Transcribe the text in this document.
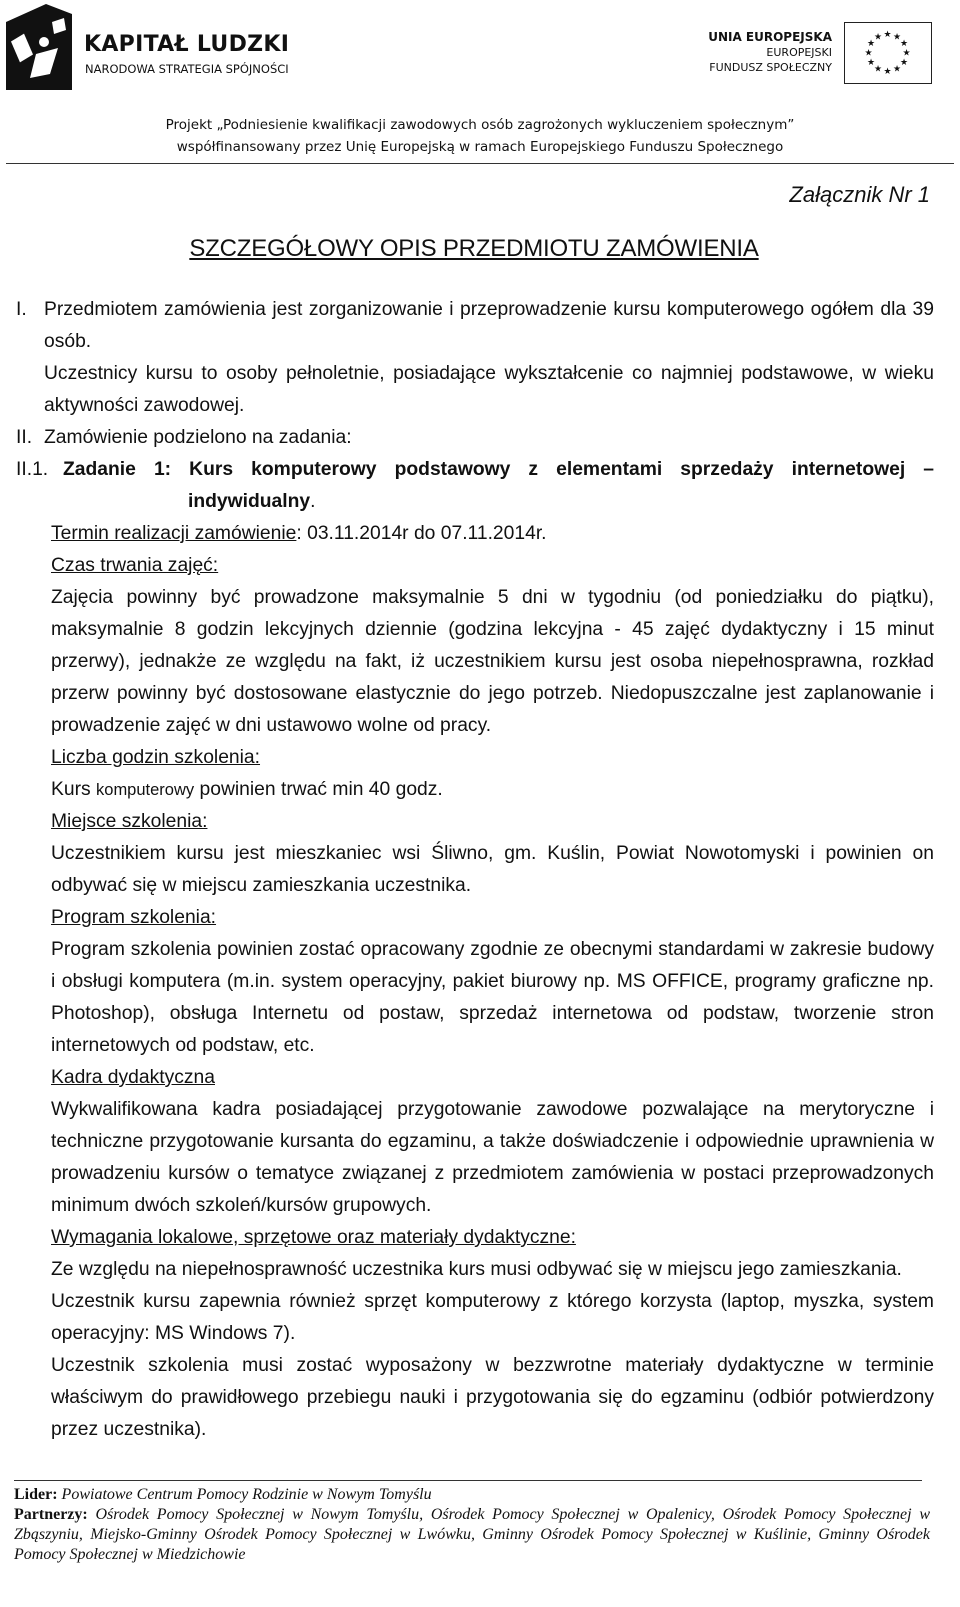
KAPITAŁ LUDZKI
NARODOWA STRATEGIA SPÓJNOŚCI
UNIA EUROPEJSKA
EUROPEJSKI
FUNDUSZ SPOŁECZNY
★ ★
★
★
★
★
★
★
★
★
★
★
Projekt „Podniesienie kwalifikacji zawodowych osób zagrożonych wykluczeniem społecznym”
współfinansowany przez Unię Europejską w ramach Europejskiego Funduszu Społecznego
Załącznik Nr 1
SZCZEGÓŁOWY OPIS PRZEDMIOTU ZAMÓWIENIA
I. Przedmiotem zamówienia jest zorganizowanie i przeprowadzenie kursu komputerowego ogółem dla 39 osób.

Uczestnicy kursu to osoby pełnoletnie, posiadające wykształcenie co najmniej podstawowe, w wieku aktywności zawodowej.

II. Zamówienie podzielono na zadania:
II.1. Zadanie 1: Kurs komputerowy podstawowy z elementami sprzedaży internetowej –

indywidualny.

Termin realizacji zamówienie: 03.11.2014r do 07.11.2014r.

Czas trwania zajęć:

Zajęcia powinny być prowadzone maksymalnie 5 dni w tygodniu (od poniedziałku do piątku), maksymalnie 8 godzin lekcyjnych dziennie (godzina lekcyjna - 45 zajęć dydaktyczny i 15 minut przerwy), jednakże ze względu na fakt, iż uczestnikiem kursu jest osoba niepełnosprawna, rozkład przerw powinny być dostosowane elastycznie do jego potrzeb. Niedopuszczalne jest zaplanowanie i prowadzenie zajęć w dni ustawowo wolne od pracy.

Liczba godzin szkolenia:

Kurs komputerowy powinien trwać min 40 godz.

Miejsce szkolenia:

Uczestnikiem kursu jest mieszkaniec wsi Śliwno, gm. Kuślin, Powiat Nowotomyski i powinien on odbywać się w miejscu zamieszkania uczestnika.

Program szkolenia:

Program szkolenia powinien zostać opracowany zgodnie ze obecnymi standardami w zakresie budowy i obsługi komputera (m.in. system operacyjny, pakiet biurowy np. MS OFFICE, programy graficzne np. Photoshop), obsługa Internetu od postaw, sprzedaż internetowa od podstaw, tworzenie stron internetowych od podstaw, etc.

Kadra dydaktyczna

Wykwalifikowana kadra posiadającej przygotowanie zawodowe pozwalające na merytoryczne i techniczne przygotowanie kursanta do egzaminu, a także doświadczenie i odpowiednie uprawnienia w prowadzeniu kursów o tematyce związanej z przedmiotem zamówienia w postaci przeprowadzonych minimum dwóch szkoleń/kursów grupowych.

Wymagania lokalowe, sprzętowe oraz materiały dydaktyczne:

Ze względu na niepełnosprawność uczestnika kurs musi odbywać się w miejscu jego zamieszkania.

Uczestnik kursu zapewnia również sprzęt komputerowy z którego korzysta (laptop, myszka, system operacyjny: MS Windows 7).

Uczestnik szkolenia musi zostać wyposażony w bezzwrotne materiały dydaktyczne w terminie właściwym do prawidłowego przebiegu nauki i przygotowania się do egzaminu (odbiór potwierdzony przez uczestnika).

Lider: Powiatowe Centrum Pomocy Rodzinie w Nowym Tomyślu
Partnerzy: Ośrodek Pomocy Społecznej w Nowym Tomyślu, Ośrodek Pomocy Społecznej w Opalenicy, Ośrodek Pomocy Społecznej w Zbąszyniu, Miejsko-Gminny Ośrodek Pomocy Społecznej w Lwówku, Gminny Ośrodek Pomocy Społecznej w Kuślinie, Gminny Ośrodek Pomocy Społecznej w Miedzichowie
